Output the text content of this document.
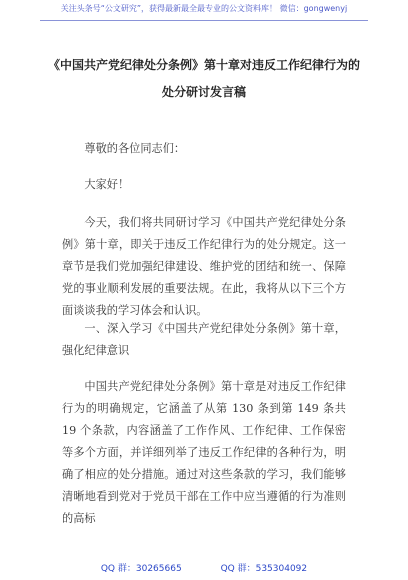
关注头条号“公文研究”，获得最新最全最专业的公文资料库！ 微信：gongwenyj
《中国共产党纪律处分条例》第十章对违反工作纪律行为的处分研讨发言稿
尊敬的各位同志们：
大家好！
今天，我们将共同研讨学习《中国共产党纪律处分条例》第十章，即关于违反工作纪律行为的处分规定。这一章节是我们党加强纪律建设、维护党的团结和统一、保障党的事业顺利发展的重要法规。在此，我将从以下三个方面谈谈我的学习体会和认识。
一、深入学习《中国共产党纪律处分条例》第十章，强化纪律意识
中国共产党纪律处分条例》第十章是对违反工作纪律行为的明确规定，它涵盖了从第 130 条到第 149 条共 19 个条款，内容涵盖了工作作风、工作纪律、工作保密等多个方面，并详细列举了违反工作纪律的各种行为，明确了相应的处分措施。通过对这些条款的学习，我们能够清晰地看到党对于党员干部在工作中应当遵循的行为准则的高标
QQ 群：30265665	QQ 群：535304092
